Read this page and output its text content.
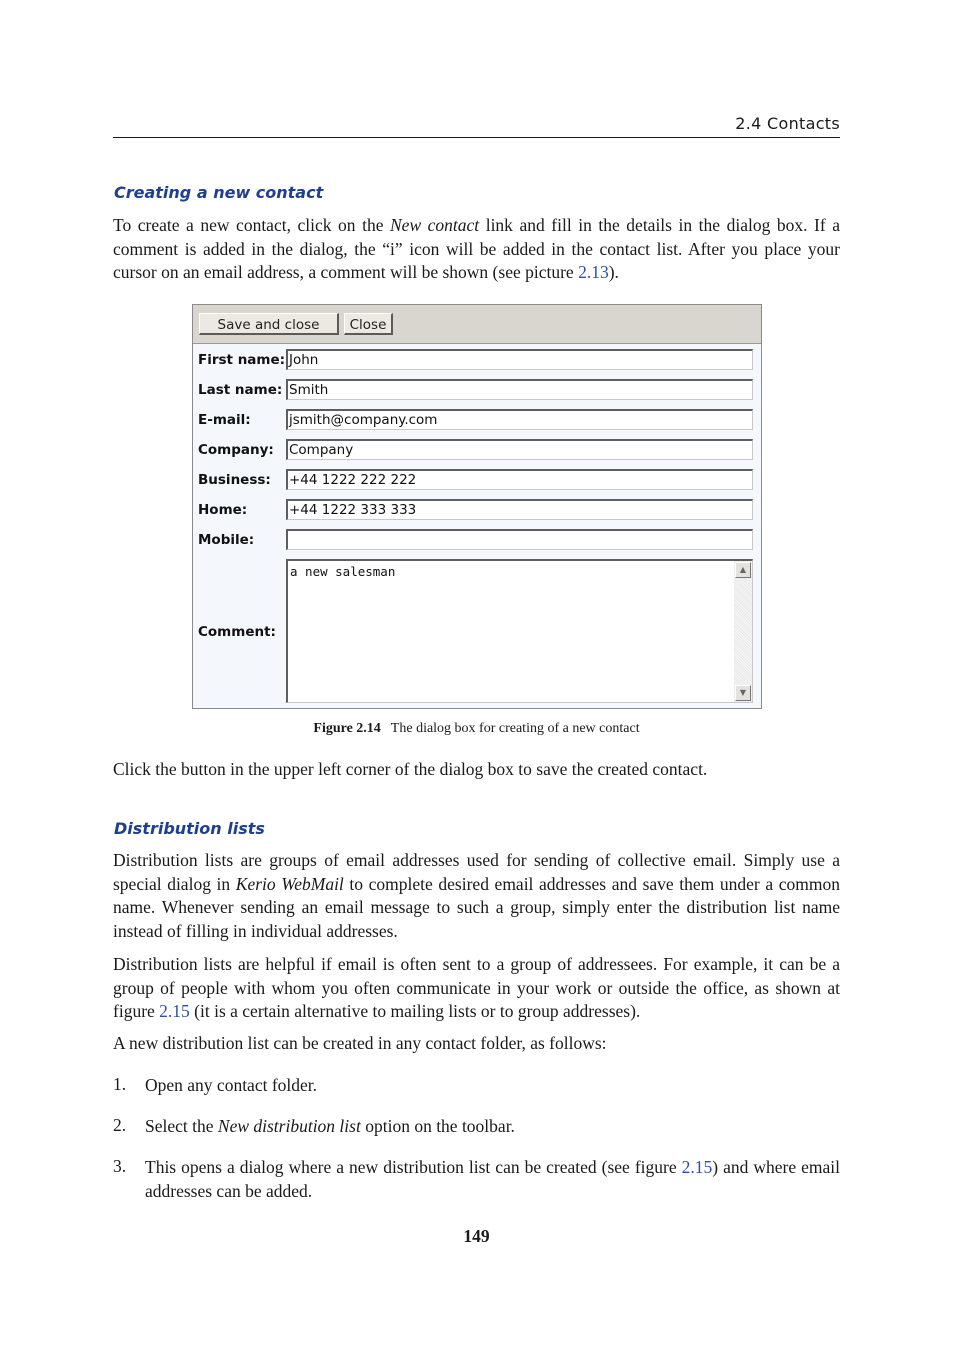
2.4 Contacts
Creating a new contact
To create a new contact, click on the New contact link and fill in the details in the dialog box. If a comment is added in the dialog, the “i” icon will be added in the contact list. After you place your cursor on an email address, a comment will be shown (see picture 2.13).
Save and close	Close
First name: John
Last name: Smith
E-mail:	jsmith@company.com
Company: Company
Business: +44 1222 222 222
Home:	+44 1222 333 333
Mobile:
Comment:
a new salesman	▲
▼
Figure 2.14 The dialog box for creating of a new contact
Click the button in the upper left corner of the dialog box to save the created contact.
Distribution lists
Distribution lists are groups of email addresses used for sending of collective email. Simply use a special dialog in Kerio WebMail to complete desired email addresses and save them under a common name. Whenever sending an email message to such a group, simply enter the distribution list name instead of filling in individual addresses.
Distribution lists are helpful if email is often sent to a group of addressees. For example, it can be a group of people with whom you often communicate in your work or outside the office, as shown at figure 2.15 (it is a certain alternative to mailing lists or to group addresses).
A new distribution list can be created in any contact folder, as follows:
1. Open any contact folder.
2. Select the New distribution list option on the toolbar.
3. This opens a dialog where a new distribution list can be created (see figure 2.15) and where email addresses can be added.
149
